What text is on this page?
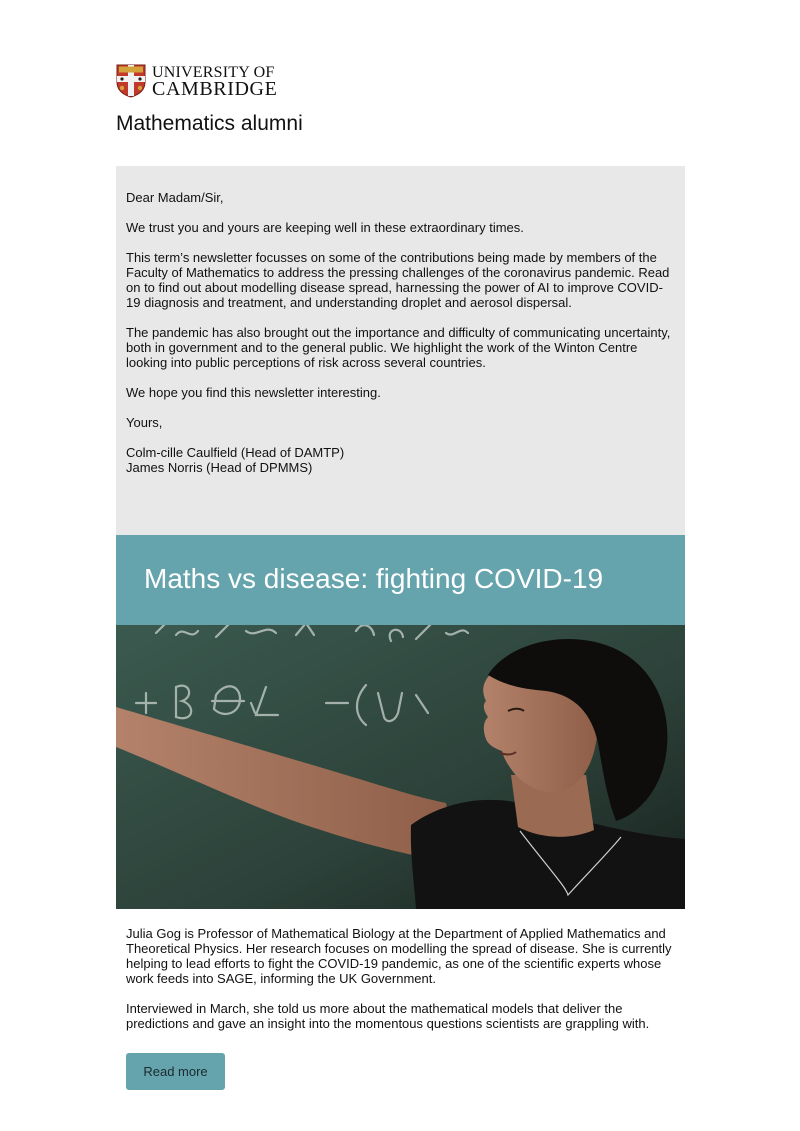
UNIVERSITY OF
CAMBRIDGE
Mathematics alumni

Dear Madam/Sir,

We trust you and yours are keeping well in these extraordinary times.

This term’s newsletter focusses on some of the contributions being made by members of the Faculty of Mathematics to address the pressing challenges of the coronavirus pandemic. Read on to find out about modelling disease spread, harnessing the power of AI to improve COVID-19 diagnosis and treatment, and understanding droplet and aerosol dispersal.

The pandemic has also brought out the importance and difficulty of communicating uncertainty, both in government and to the general public. We highlight the work of the Winton Centre looking into public perceptions of risk across several countries.

We hope you find this newsletter interesting.

Yours,

Colm-cille Caulfield (Head of DAMTP)

James Norris (Head of DPMMS)

Maths vs disease: fighting COVID-19

Julia Gog is Professor of Mathematical Biology at the Department of Applied Mathematics and Theoretical Physics. Her research focuses on modelling the spread of disease. She is currently helping to lead efforts to fight the COVID-19 pandemic, as one of the scientific experts whose work feeds into SAGE, informing the UK Government.

Interviewed in March, she told us more about the mathematical models that deliver the predictions and gave an insight into the momentous questions scientists are grappling with.

Read more
